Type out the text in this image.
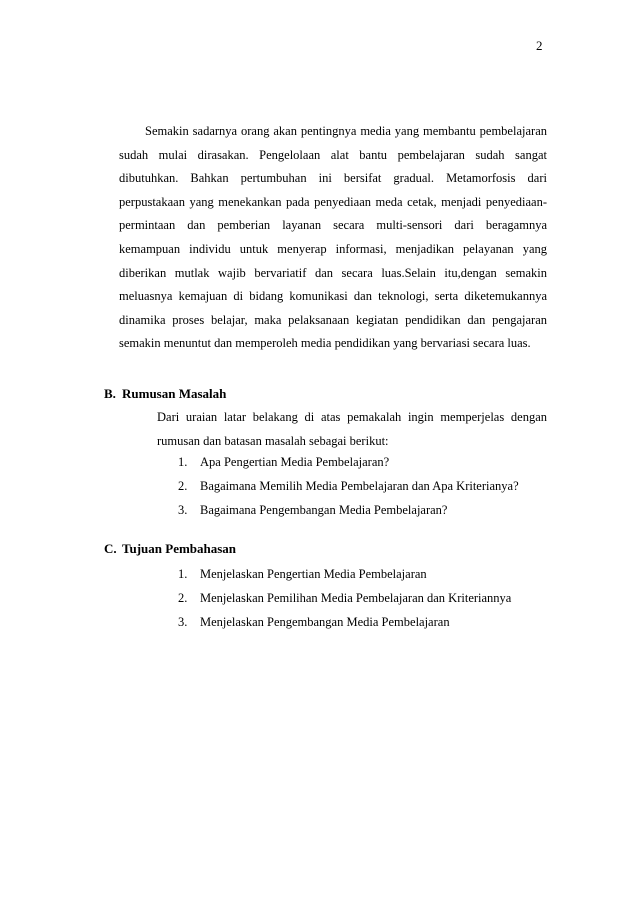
2

Semakin sadarnya orang akan pentingnya media yang membantu pembelajaran sudah mulai dirasakan. Pengelolaan alat bantu pembelajaran sudah sangat dibutuhkan. Bahkan pertumbuhan ini bersifat gradual. Metamorfosis dari perpustakaan yang menekankan pada penyediaan meda cetak, menjadi penyediaan-permintaan dan pemberian layanan secara multi-sensori dari beragamnya kemampuan individu untuk menyerap informasi, menjadikan pelayanan yang diberikan mutlak wajib bervariatif dan secara luas.Selain itu,dengan semakin meluasnya kemajuan di bidang komunikasi dan teknologi, serta diketemukannya dinamika proses belajar, maka pelaksanaan kegiatan pendidikan dan pengajaran semakin menuntut dan memperoleh media pendidikan yang bervariasi secara luas.

B. Rumusan Masalah

Dari uraian latar belakang di atas pemakalah ingin memperjelas dengan rumusan dan batasan masalah sebagai berikut:

1. Apa Pengertian Media Pembelajaran?
2. Bagaimana Memilih Media Pembelajaran dan Apa Kriterianya?
3. Bagaimana Pengembangan Media Pembelajaran?
C. Tujuan Pembahasan
1. Menjelaskan Pengertian Media Pembelajaran
2. Menjelaskan Pemilihan Media Pembelajaran dan Kriteriannya
3. Menjelaskan Pengembangan Media Pembelajaran
